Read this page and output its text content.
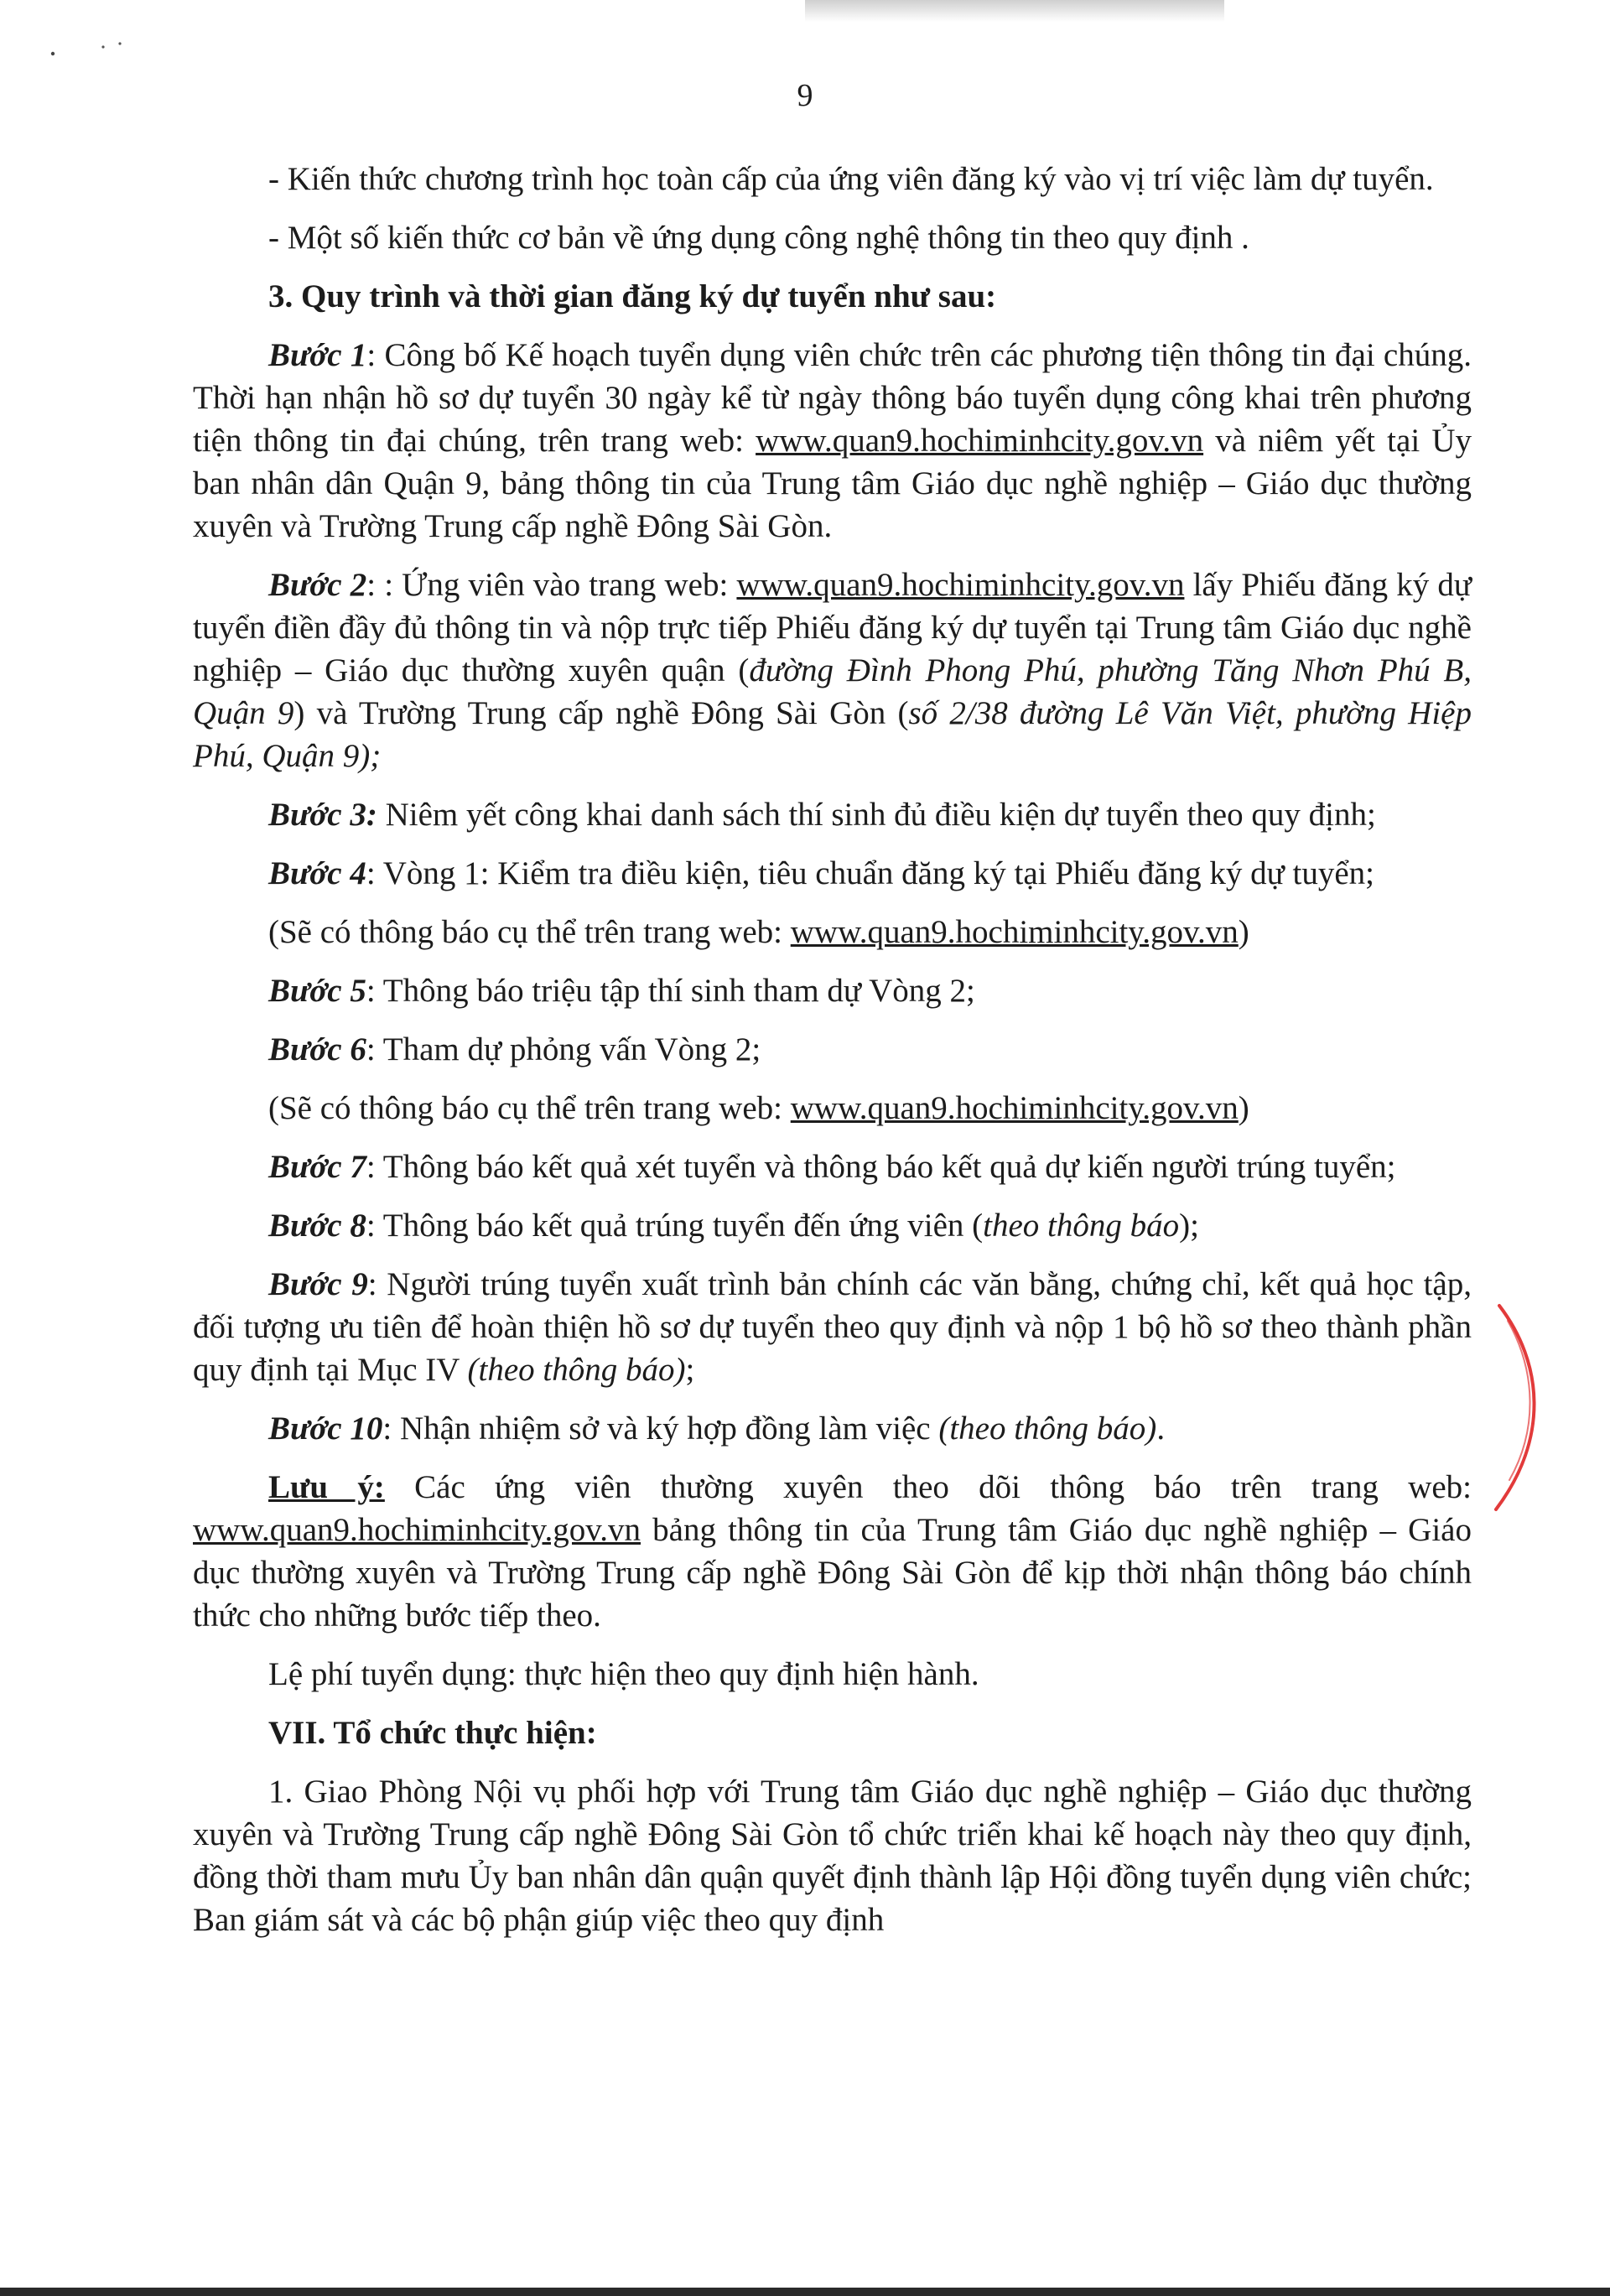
9

- Kiến thức chương trình học toàn cấp của ứng viên đăng ký vào vị trí việc làm dự tuyển.

- Một số kiến thức cơ bản về ứng dụng công nghệ thông tin theo quy định .

3. Quy trình và thời gian đăng ký dự tuyển như sau:

Bước 1: Công bố Kế hoạch tuyển dụng viên chức trên các phương tiện thông tin đại chúng. Thời hạn nhận hồ sơ dự tuyển 30 ngày kể từ ngày thông báo tuyển dụng công khai trên phương tiện thông tin đại chúng, trên trang web: www.quan9.hochiminhcity.gov.vn và niêm yết tại Ủy ban nhân dân Quận 9, bảng thông tin của Trung tâm Giáo dục nghề nghiệp – Giáo dục thường xuyên và Trường Trung cấp nghề Đông Sài Gòn.

Bước 2: : Ứng viên vào trang web: www.quan9.hochiminhcity.gov.vn lấy Phiếu đăng ký dự tuyển điền đầy đủ thông tin và nộp trực tiếp Phiếu đăng ký dự tuyển tại Trung tâm Giáo dục nghề nghiệp – Giáo dục thường xuyên quận (đường Đình Phong Phú, phường Tăng Nhơn Phú B, Quận 9) và Trường Trung cấp nghề Đông Sài Gòn (số 2/38 đường Lê Văn Việt, phường Hiệp Phú, Quận 9);

Bước 3: Niêm yết công khai danh sách thí sinh đủ điều kiện dự tuyển theo quy định;

Bước 4: Vòng 1: Kiểm tra điều kiện, tiêu chuẩn đăng ký tại Phiếu đăng ký dự tuyển;

(Sẽ có thông báo cụ thể trên trang web: www.quan9.hochiminhcity.gov.vn)

Bước 5: Thông báo triệu tập thí sinh tham dự Vòng 2;

Bước 6: Tham dự phỏng vấn Vòng 2;

(Sẽ có thông báo cụ thể trên trang web: www.quan9.hochiminhcity.gov.vn)

Bước 7: Thông báo kết quả xét tuyển và thông báo kết quả dự kiến người trúng tuyển;

Bước 8: Thông báo kết quả trúng tuyển đến ứng viên (theo thông báo);

Bước 9: Người trúng tuyển xuất trình bản chính các văn bằng, chứng chỉ, kết quả học tập, đối tượng ưu tiên để hoàn thiện hồ sơ dự tuyển theo quy định và nộp 1 bộ hồ sơ theo thành phần quy định tại Mục IV (theo thông báo);

Bước 10: Nhận nhiệm sở và ký hợp đồng làm việc (theo thông báo).

Lưu ý: Các ứng viên thường xuyên theo dõi thông báo trên trang web: www.quan9.hochiminhcity.gov.vn bảng thông tin của Trung tâm Giáo dục nghề nghiệp – Giáo dục thường xuyên và Trường Trung cấp nghề Đông Sài Gòn để kịp thời nhận thông báo chính thức cho những bước tiếp theo.

Lệ phí tuyển dụng: thực hiện theo quy định hiện hành.

VII. Tổ chức thực hiện:

1. Giao Phòng Nội vụ phối hợp với Trung tâm Giáo dục nghề nghiệp – Giáo dục thường xuyên và Trường Trung cấp nghề Đông Sài Gòn tổ chức triển khai kế hoạch này theo quy định, đồng thời tham mưu Ủy ban nhân dân quận quyết định thành lập Hội đồng tuyển dụng viên chức; Ban giám sát và các bộ phận giúp việc theo quy định
